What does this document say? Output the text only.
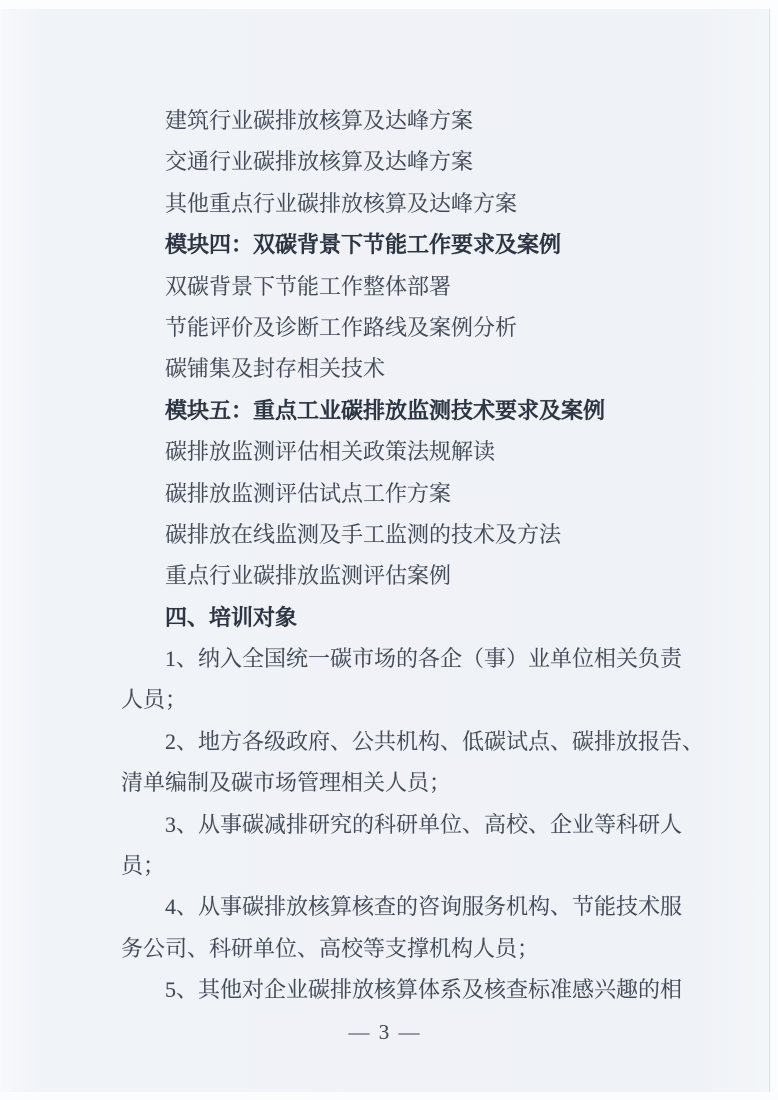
建筑行业碳排放核算及达峰方案
交通行业碳排放核算及达峰方案
其他重点行业碳排放核算及达峰方案
模块四：双碳背景下节能工作要求及案例
双碳背景下节能工作整体部署
节能评价及诊断工作路线及案例分析
碳铺集及封存相关技术
模块五：重点工业碳排放监测技术要求及案例
碳排放监测评估相关政策法规解读
碳排放监测评估试点工作方案
碳排放在线监测及手工监测的技术及方法
重点行业碳排放监测评估案例
四、培训对象
1、纳入全国统一碳市场的各企（事）业单位相关负责
人员；
2、地方各级政府、公共机构、低碳试点、碳排放报告、
清单编制及碳市场管理相关人员；
3、从事碳减排研究的科研单位、高校、企业等科研人
员；
4、从事碳排放核算核查的咨询服务机构、节能技术服
务公司、科研单位、高校等支撑机构人员；
5、其他对企业碳排放核算体系及核查标准感兴趣的相
— 3 —
